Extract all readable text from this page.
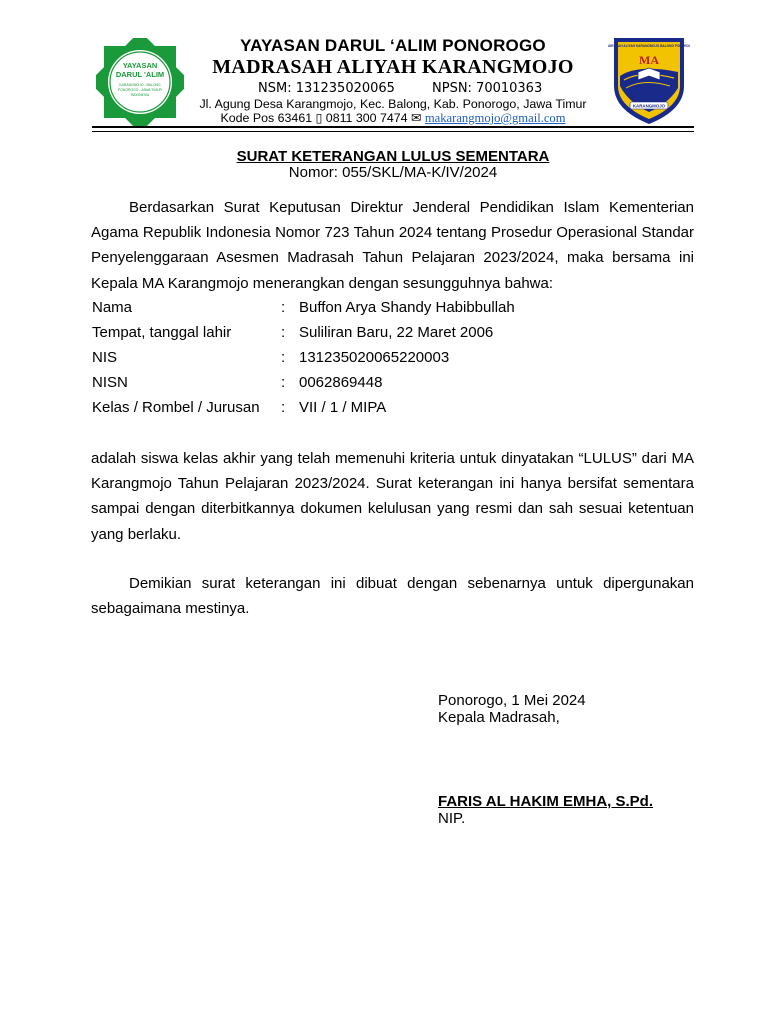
YAYASAN
DARUL 'ALIM
KARANGMOJO - BALONG
PONOROGO - JAWA TIMUR
INDONESIA
MADRASAH ALIYAH KARANGMOJO BALONG PONOROGO
MA
KARANGMOJO
YAYASAN DARUL ‘ALIM PONOROGO
MADRASAH ALIYAH KARANGMOJO
NSM: 131235020065	NPSN: 70010363
Jl. Agung Desa Karangmojo, Kec. Balong, Kab. Ponorogo, Jawa Timur
Kode Pos 63461 ▯ 0811 300 7474 ✉ makarangmojo@gmail.com
SURAT KETERANGAN LULUS SEMENTARA
Nomor: 055/SKL/MA-K/IV/2024
Berdasarkan Surat Keputusan Direktur Jenderal Pendidikan Islam Kementerian Agama Republik Indonesia Nomor 723 Tahun 2024 tentang Prosedur Operasional Standar Penyelenggaraan Asesmen Madrasah Tahun Pelajaran 2023/2024, maka bersama ini Kepala MA Karangmojo menerangkan dengan sesungguhnya bahwa:
Nama	: Buffon Arya Shandy Habibbullah
Tempat, tanggal lahir	: Suliliran Baru, 22 Maret 2006
NIS	: 131235020065220003
NISN	: 0062869448
Kelas / Rombel / Jurusan : VII / 1 / MIPA
adalah siswa kelas akhir yang telah memenuhi kriteria untuk dinyatakan “LULUS” dari MA Karangmojo Tahun Pelajaran 2023/2024. Surat keterangan ini hanya bersifat sementara sampai dengan diterbitkannya dokumen kelulusan yang resmi dan sah sesuai ketentuan yang berlaku.
Demikian surat keterangan ini dibuat dengan sebenarnya untuk dipergunakan sebagaimana mestinya.
Ponorogo, 1 Mei 2024
Kepala Madrasah,
FARIS AL HAKIM EMHA, S.Pd.
NIP.
